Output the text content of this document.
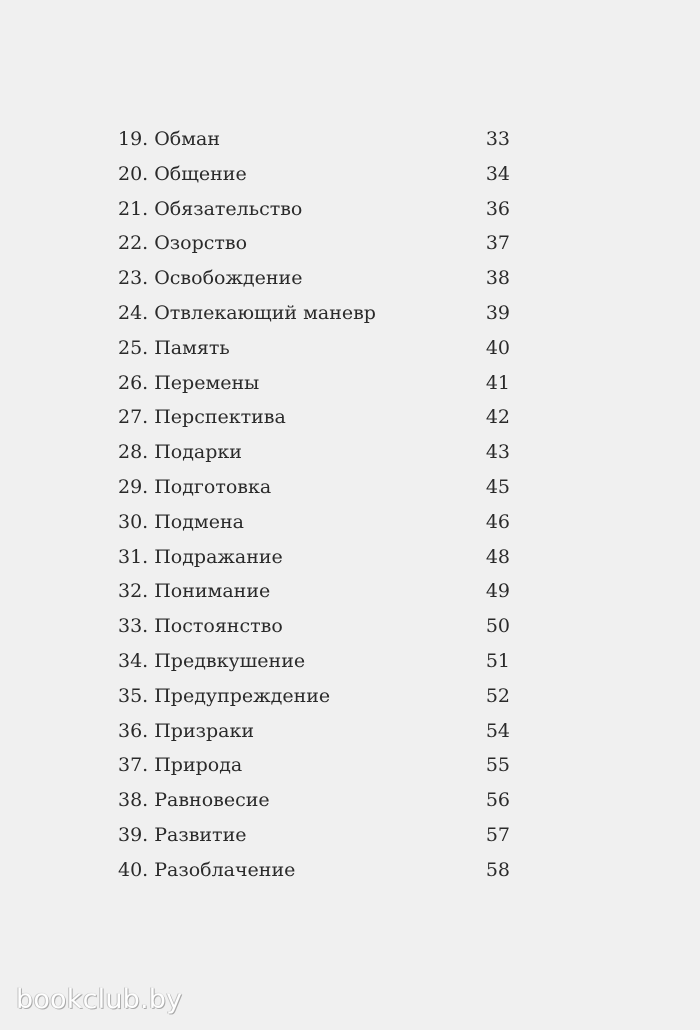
19. Обман	33
20. Общение	34
21. Обязательство	36
22. Озорство	37
23. Освобождение	38
24. Отвлекающий маневр	39
25. Память	40
26. Перемены	41
27. Перспектива	42
28. Подарки	43
29. Подготовка	45
30. Подмена	46
31. Подражание	48
32. Понимание	49
33. Постоянство	50
34. Предвкушение	51
35. Предупреждение	52
36. Призраки	54
37. Природа	55
38. Равновесие	56
39. Развитие	57
40. Разоблачение	58
bookclub.by
